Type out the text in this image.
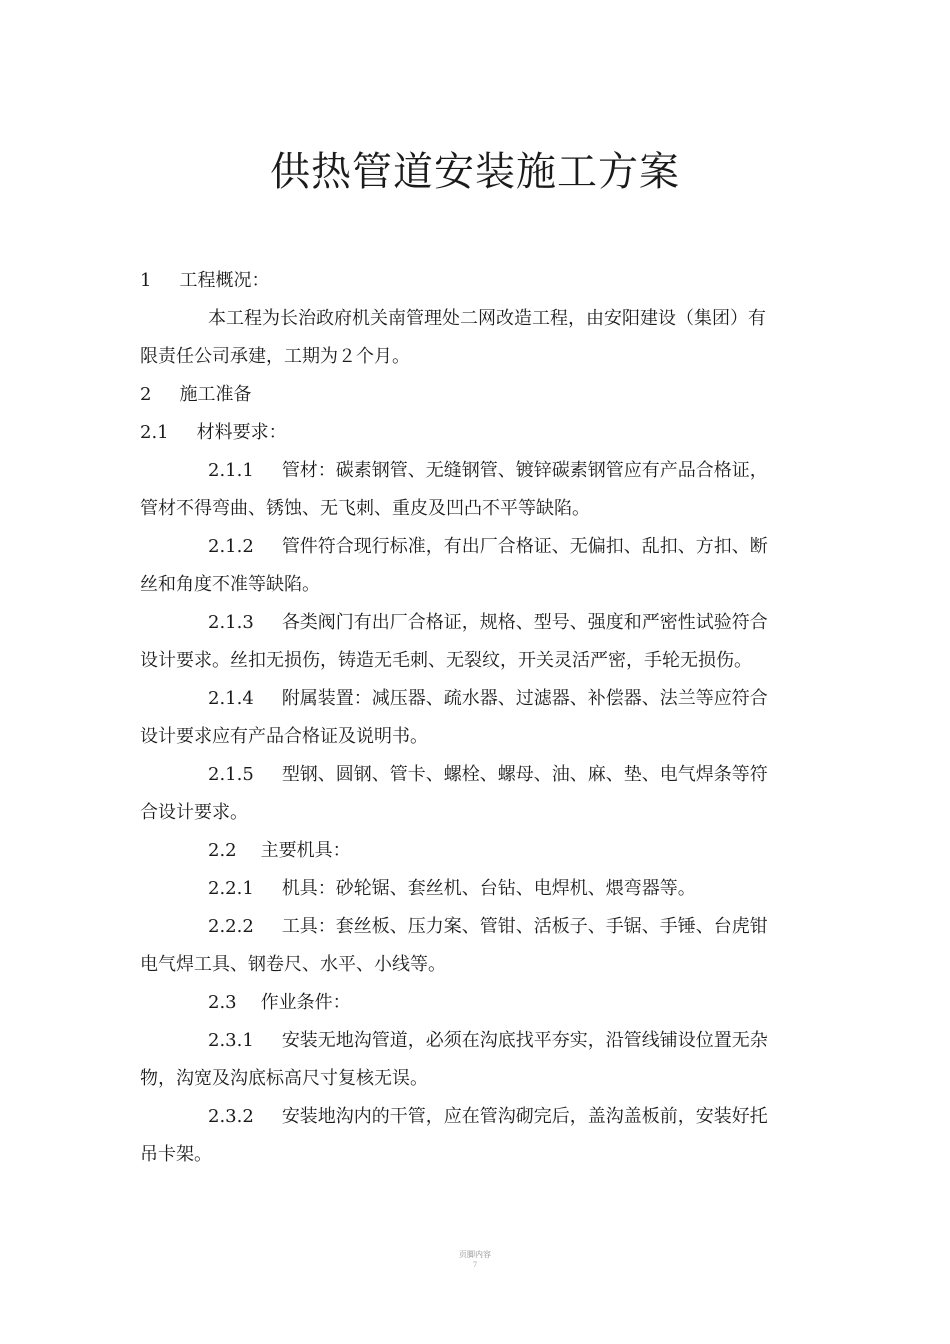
供热管道安装施工方案
1 工程概况：
本工程为长治政府机关南管理处二网改造工程，由安阳建设（集团）有
限责任公司承建，工期为２个月。
2 施工准备
2.1 材料要求：
2.1.1 管材：碳素钢管、无缝钢管、镀锌碳素钢管应有产品合格证，
管材不得弯曲、锈蚀、无飞刺、重皮及凹凸不平等缺陷。
2.1.2 管件符合现行标准，有出厂合格证、无偏扣、乱扣、方扣、断
丝和角度不准等缺陷。
2.1.3 各类阀门有出厂合格证，规格、型号、强度和严密性试验符合
设计要求。丝扣无损伤，铸造无毛刺、无裂纹，开关灵活严密，手轮无损伤。
2.1.4 附属装置：减压器、疏水器、过滤器、补偿器、法兰等应符合
设计要求应有产品合格证及说明书。
2.1.5 型钢、圆钢、管卡、螺栓、螺母、油、麻、垫、电气焊条等符
合设计要求。
2.2 主要机具：
2.2.1 机具：砂轮锯、套丝机、台钻、电焊机、煨弯器等。
2.2.2 工具：套丝板、压力案、管钳、活板子、手锯、手锤、台虎钳
电气焊工具、钢卷尺、水平、小线等。
2.3 作业条件：
2.3.1 安装无地沟管道，必须在沟底找平夯实，沿管线铺设位置无杂
物，沟宽及沟底标高尺寸复核无误。
2.3.2 安装地沟内的干管，应在管沟砌完后，盖沟盖板前，安装好托
吊卡架。
页脚内容
7
